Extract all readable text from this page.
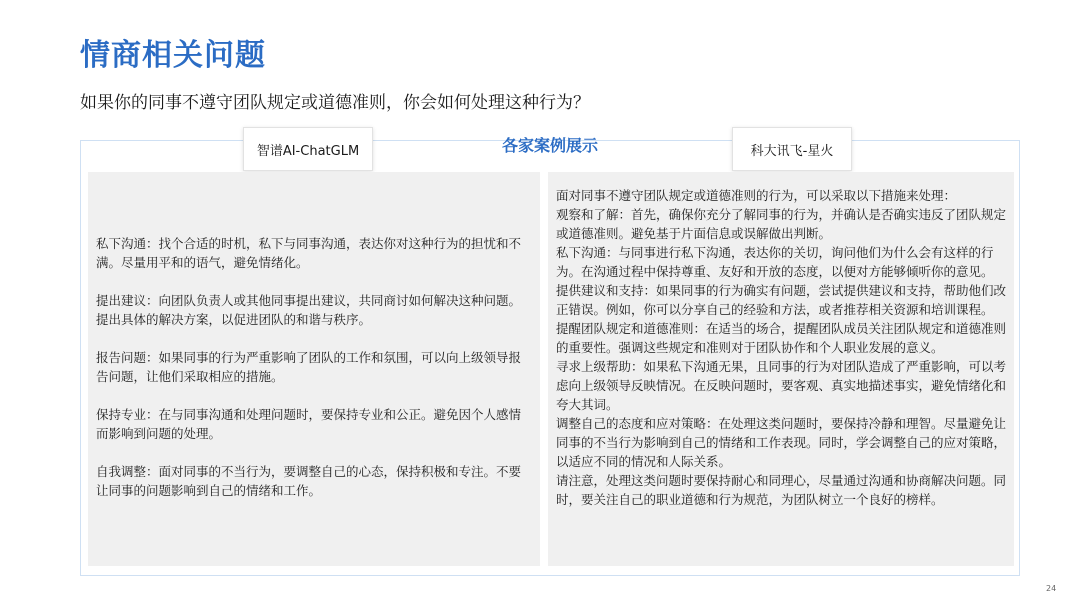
情商相关问题
如果你的同事不遵守团队规定或道德准则，你会如何处理这种行为？
智谱AI-ChatGLM	各家案例展示	科大讯飞-星火

私下沟通：找个合适的时机，私下与同事沟通，表达你对这种行为的担忧和不满。尽量用平和的语气，避免情绪化。

提出建议：向团队负责人或其他同事提出建议，共同商讨如何解决这种问题。提出具体的解决方案，以促进团队的和谐与秩序。

报告问题：如果同事的行为严重影响了团队的工作和氛围，可以向上级领导报告问题，让他们采取相应的措施。

保持专业：在与同事沟通和处理问题时，要保持专业和公正。避免因个人感情而影响到问题的处理。

自我调整：面对同事的不当行为，要调整自己的心态，保持积极和专注。不要让同事的问题影响到自己的情绪和工作。

面对同事不遵守团队规定或道德准则的行为，可以采取以下措施来处理：

观察和了解：首先，确保你充分了解同事的行为，并确认是否确实违反了团队规定或道德准则。避免基于片面信息或误解做出判断。

私下沟通：与同事进行私下沟通，表达你的关切，询问他们为什么会有这样的行为。在沟通过程中保持尊重、友好和开放的态度，以便对方能够倾听你的意见。

提供建议和支持：如果同事的行为确实有问题，尝试提供建议和支持，帮助他们改正错误。例如，你可以分享自己的经验和方法，或者推荐相关资源和培训课程。

提醒团队规定和道德准则：在适当的场合，提醒团队成员关注团队规定和道德准则的重要性。强调这些规定和准则对于团队协作和个人职业发展的意义。

寻求上级帮助：如果私下沟通无果，且同事的行为对团队造成了严重影响，可以考虑向上级领导反映情况。在反映问题时，要客观、真实地描述事实，避免情绪化和夸大其词。

调整自己的态度和应对策略：在处理这类问题时，要保持冷静和理智。尽量避免让同事的不当行为影响到自己的情绪和工作表现。同时，学会调整自己的应对策略，以适应不同的情况和人际关系。

请注意，处理这类问题时要保持耐心和同理心，尽量通过沟通和协商解决问题。同时，要关注自己的职业道德和行为规范，为团队树立一个良好的榜样。

24
